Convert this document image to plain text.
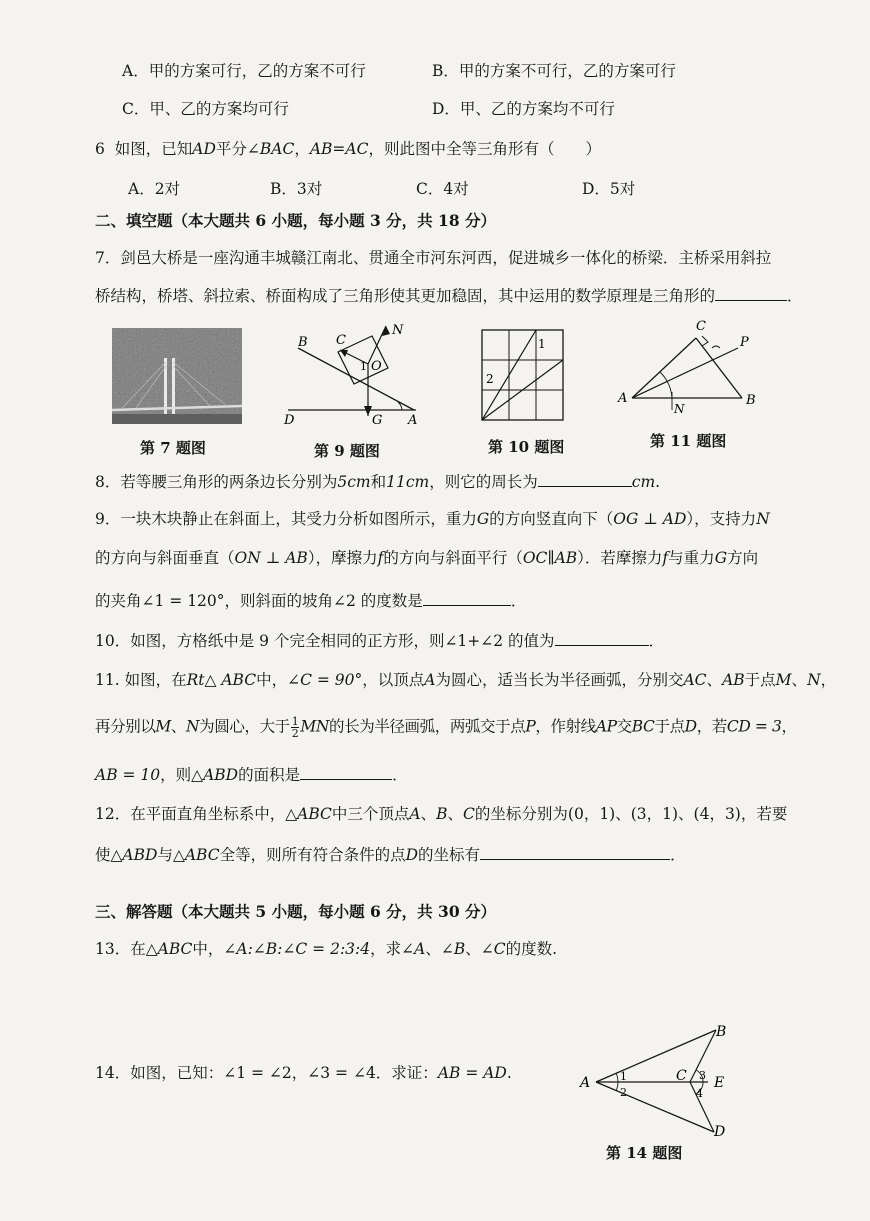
A．甲的方案可行，乙的方案不可行	B．甲的方案不可行，乙的方案可行
C．甲、乙的方案均可行	D．甲、乙的方案均不可行
6 如图，已知AD平分∠BAC，AB=AC，则此图中全等三角形有（　　）
A．2对	B．3对	C．4对	D．5对
二、填空题（本大题共 6 小题，每小题 3 分，共 18 分）
7．剑邑大桥是一座沟通丰城赣江南北、贯通全市河东河西，促进城乡一体化的桥梁．主桥采用斜拉
桥结构，桥塔、斜拉索、桥面构成了三角形使其更加稳固，其中运用的数学原理是三角形的	．
第 7 题图
B C
N
O
1
D	G A
第 9 题图
1
2
第 10 题图
C
P
A
N
B
第 11 题图
8．若等腰三角形的两条边长分别为5cm和11cm，则它的周长为	cm.
9．一块木块静止在斜面上，其受力分析如图所示，重力G的方向竖直向下（OG ⊥ AD），支持力N
的方向与斜面垂直（ON ⊥ AB），摩擦力f的方向与斜面平行（OC∥AB）．若摩擦力f与重力G方向
的夹角∠1 = 120°，则斜面的坡角∠2 的度数是	．
10．如图，方格纸中是 9 个完全相同的正方形，则∠1+∠2 的值为	．
11. 如图，在Rt△ ABC中，∠C = 90°，以顶点A为圆心，适当长为半径画弧，分别交AC、AB于点M、N，
再分别以M、N为圆心，大于 $\frac{1}{2}$ MN的长为半径画弧，两弧交于点P，作射线AP交BC于点D，若CD = 3，
AB = 10，则△ABD的面积是	．
12．在平面直角坐标系中，△ABC中三个顶点A、B、C的坐标分别为(0，1)、(3，1)、(4，3)，若要
使△ABD与△ABC全等，则所有符合条件的点D的坐标有	．
三、解答题（本大题共 5 小题，每小题 6 分，共 30 分）
13．在△ABC中，∠A:∠B:∠C = 2:3:4，求∠A、∠B、∠C的度数.
14．如图，已知：∠1 = ∠2，∠3 = ∠4．求证：AB = AD.
A
B
C
D
E
1
2
3
4
第 14 题图
